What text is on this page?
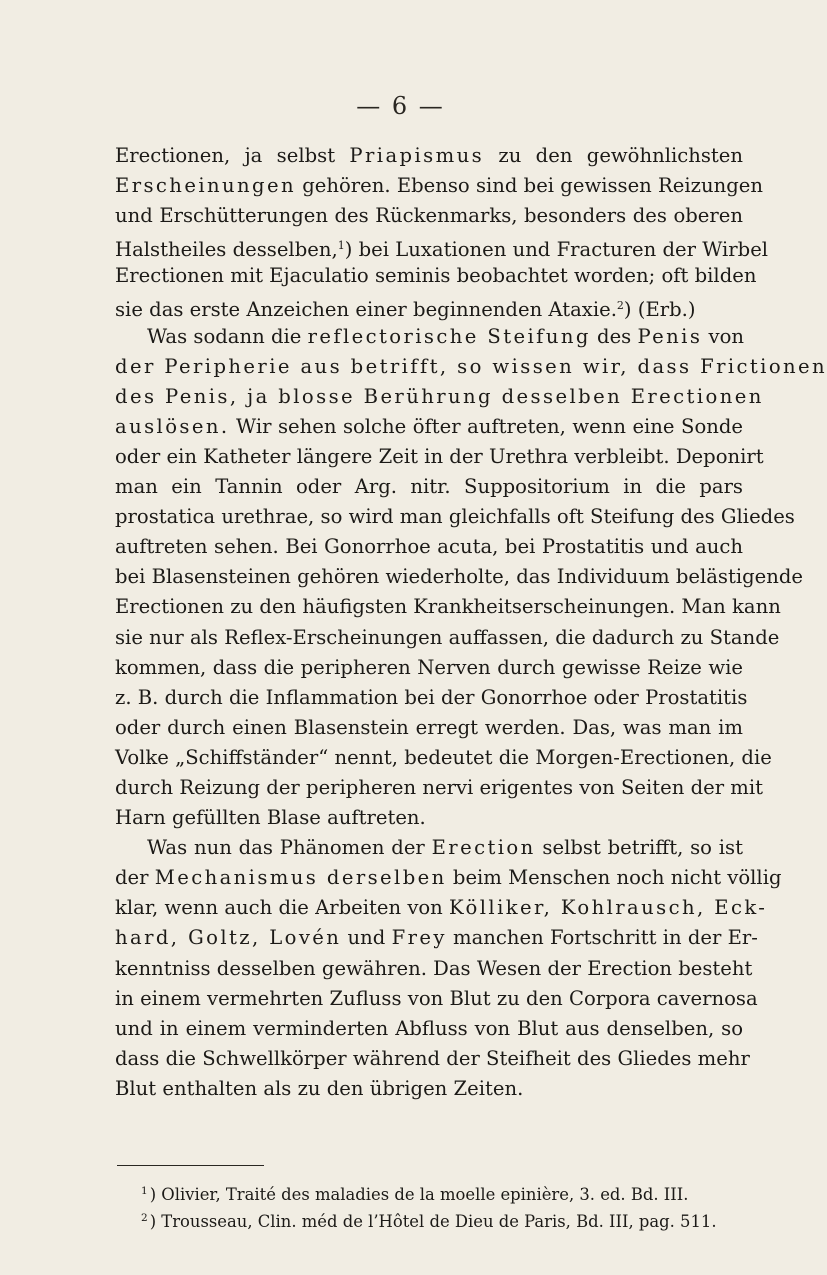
— 6 —
Erectionen, ja selbst Priapismus zu den gewöhnlichsten
Erscheinungen gehören. Ebenso sind bei gewissen Reizungen
und Erschütterungen des Rückenmarks, besonders des oberen
Halstheiles desselben,$^1$) bei Luxationen und Fracturen der Wirbel
Erectionen mit Ejaculatio seminis beobachtet worden; oft bilden
sie das erste Anzeichen einer beginnenden Ataxie.$^2$) (Erb.)
Was sodann die reflectorische Steifung des Penis von
der Peripherie aus betrifft, so wissen wir, dass Frictionen
des Penis, ja blosse Berührung desselben Erectionen
auslösen. Wir sehen solche öfter auftreten, wenn eine Sonde
oder ein Katheter längere Zeit in der Urethra verbleibt. Deponirt
man ein Tannin oder Arg. nitr. Suppositorium in die pars
prostatica urethrae, so wird man gleichfalls oft Steifung des Gliedes
auftreten sehen. Bei Gonorrhoe acuta, bei Prostatitis und auch
bei Blasensteinen gehören wiederholte, das Individuum belästigende
Erectionen zu den häufigsten Krankheitserscheinungen. Man kann
sie nur als Reflex-Erscheinungen auffassen, die dadurch zu Stande
kommen, dass die peripheren Nerven durch gewisse Reize wie
z. B. durch die Inflammation bei der Gonorrhoe oder Prostatitis
oder durch einen Blasenstein erregt werden. Das, was man im
Volke „Schiffständer“ nennt, bedeutet die Morgen-Erectionen, die
durch Reizung der peripheren nervi erigentes von Seiten der mit
Harn gefüllten Blase auftreten.
Was nun das Phänomen der Erection selbst betrifft, so ist
der Mechanismus derselben beim Menschen noch nicht völlig
klar, wenn auch die Arbeiten von Kölliker, Kohlrausch, Eck-
hard, Goltz, Lovén und Frey manchen Fortschritt in der Er-
kenntniss desselben gewähren. Das Wesen der Erection besteht
in einem vermehrten Zufluss von Blut zu den Corpora cavernosa
und in einem verminderten Abfluss von Blut aus denselben, so
dass die Schwellkörper während der Steifheit des Gliedes mehr
Blut enthalten als zu den übrigen Zeiten.
$^1$ ) Olivier, Traité des maladies de la moelle epinière, 3. ed. Bd. III.
$^2$ ) Trousseau, Clin. méd de l’Hôtel de Dieu de Paris, Bd. III, pag. 511.
